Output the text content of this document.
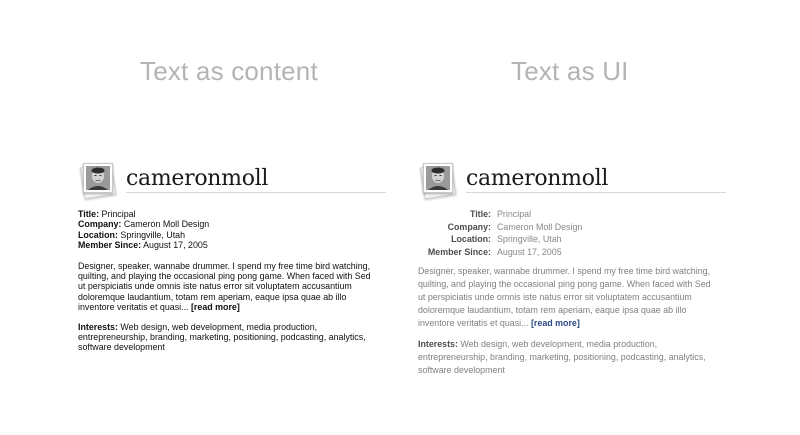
Text as content	Text as UI
cameronmoll
Title: Principal
Company: Cameron Moll Design
Location: Springville, Utah
Member Since: August 17, 2005
Designer, speaker, wannabe drummer. I spend my free time bird watching, quilting, and playing the occasional ping pong game. When faced with Sed ut perspiciatis unde omnis iste natus error sit voluptatem accusantium doloremque laudantium, totam rem aperiam, eaque ipsa quae ab illo inventore veritatis et quasi... [read more]
Interests: Web design, web development, media production, entrepreneurship, branding, marketing, positioning, podcasting, analytics, software development
cameronmoll
Title: Principal
Company: Cameron Moll Design
Location: Springville, Utah
Member Since: August 17, 2005
Designer, speaker, wannabe drummer. I spend my free time bird watching, quilting, and playing the occasional ping pong game. When faced with Sed ut perspiciatis unde omnis iste natus error sit voluptatem accusantium doloremque laudantium, totam rem aperiam, eaque ipsa quae ab illo inventore veritatis et quasi... [read more]
Interests: Web design, web development, media production, entrepreneurship, branding, marketing, positioning, podcasting, analytics, software development
